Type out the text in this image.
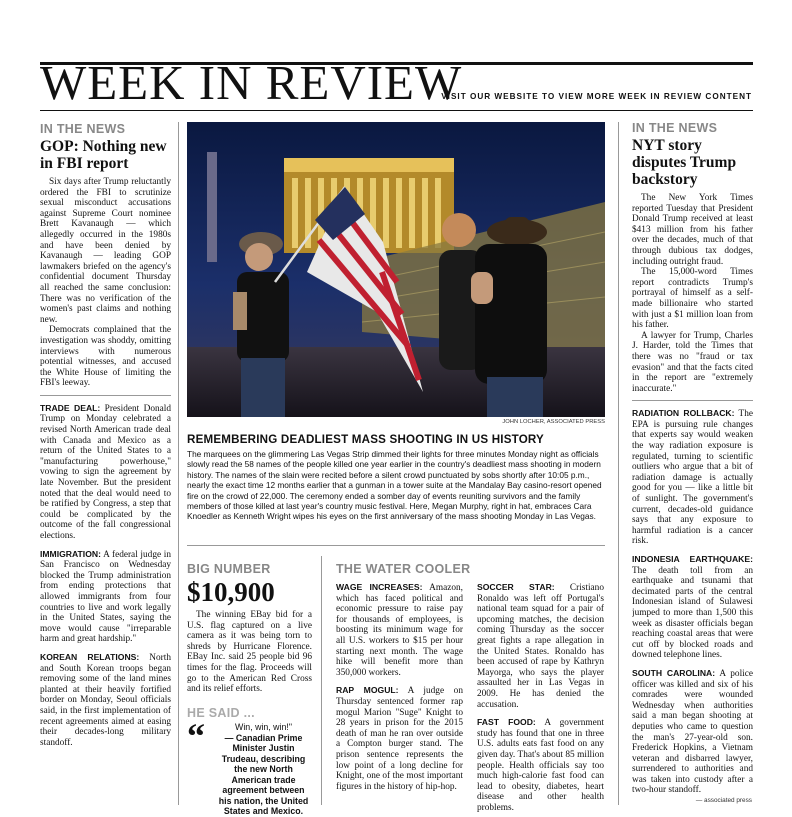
WEEK IN REVIEW
VISIT OUR WEBSITE TO VIEW MORE WEEK IN REVIEW CONTENT
IN THE NEWS
GOP: Nothing new in FBI report

Six days after Trump reluctantly ordered the FBI to scrutinize sexual misconduct accusations against Supreme Court nominee Brett Kavanaugh — which allegedly occurred in the 1980s and have been denied by Kavanaugh — leading GOP lawmakers briefed on the agency's confidential document Thursday all reached the same conclusion: There was no verification of the women's past claims and nothing new.

Democrats complained that the investigation was shoddy, omitting interviews with numerous potential witnesses, and accused the White House of limiting the FBI's leeway.

TRADE DEAL: President Donald Trump on Monday celebrated a revised North American trade deal with Canada and Mexico as a return of the United States to a "manufacturing powerhouse," vowing to sign the agreement by late November. But the president noted that the deal would need to be ratified by Congress, a step that could be complicated by the outcome of the fall congressional elections.

IMMIGRATION: A federal judge in San Francisco on Wednesday blocked the Trump administration from ending protections that allowed immigrants from four countries to live and work legally in the United States, saying the move would cause "irreparable harm and great hardship."

KOREAN RELATIONS: North and South Korean troops began removing some of the land mines planted at their heavily fortified border on Monday, Seoul officials said, in the first implementation of recent agreements aimed at easing their decades-long military standoff.

JOHN LOCHER, ASSOCIATED PRESS
REMEMBERING DEADLIEST MASS SHOOTING IN US HISTORY
The marquees on the glimmering Las Vegas Strip dimmed their lights for three minutes Monday night as officials slowly read the 58 names of the people killed one year earlier in the country's deadliest mass shooting in modern history. The names of the slain were recited before a silent crowd punctuated by sobs shortly after 10:05 p.m., nearly the exact time 12 months earlier that a gunman in a tower suite at the Mandalay Bay casino-resort opened fire on the crowd of 22,000. The ceremony ended a somber day of events reuniting survivors and the family members of those killed at last year's country music festival. Here, Megan Murphy, right in hat, embraces Cara Knoedler as Kenneth Wright wipes his eyes on the first anniversary of the mass shooting Monday in Las Vegas.
BIG NUMBER
$10,900

The winning EBay bid for a U.S. flag captured on a live camera as it was being torn to shreds by Hurricane Florence. EBay Inc. said 25 people bid 96 times for the flag. Proceeds will go to the American Red Cross and its relief efforts.

HE SAID ...
“	Win, win, win!"
— Canadian Prime Minister Justin Trudeau, describing the new North American trade agreement between his nation, the United States and Mexico.
THE WATER COOLER

WAGE INCREASES: Amazon, which has faced political and economic pressure to raise pay for thousands of employees, is boosting its minimum wage for all U.S. workers to $15 per hour starting next month. The wage hike will benefit more than 350,000 workers.

RAP MOGUL: A judge on Thursday sentenced former rap mogul Marion "Suge" Knight to 28 years in prison for the 2015 death of man he ran over outside a Compton burger stand. The prison sentence represents the low point of a long decline for Knight, one of the most important figures in the history of hip-hop.

SOCCER STAR: Cristiano Ronaldo was left off Portugal's national team squad for a pair of upcoming matches, the decision coming Thursday as the soccer great fights a rape allegation in the United States. Ronaldo has been accused of rape by Kathryn Mayorga, who says the player assaulted her in Las Vegas in 2009. He has denied the accusation.

FAST FOOD: A government study has found that one in three U.S. adults eats fast food on any given day. That's about 85 million people. Health officials say too much high-calorie fast food can lead to obesity, diabetes, heart disease and other health problems.

IN THE NEWS
NYT story disputes Trump backstory

The New York Times reported Tuesday that President Donald Trump received at least $413 million from his father over the decades, much of that through dubious tax dodges, including outright fraud.

The 15,000-word Times report contradicts Trump's portrayal of himself as a self-made billionaire who started with just a $1 million loan from his father.

A lawyer for Trump, Charles J. Harder, told the Times that there was no "fraud or tax evasion" and that the facts cited in the report are "extremely inaccurate."

RADIATION ROLLBACK: The EPA is pursuing rule changes that experts say would weaken the way radiation exposure is regulated, turning to scientific outliers who argue that a bit of radiation damage is actually good for you — like a little bit of sunlight. The government's current, decades-old guidance says that any exposure to harmful radiation is a cancer risk.

INDONESIA EARTHQUAKE: The death toll from an earthquake and tsunami that decimated parts of the central Indonesian island of Sulawesi jumped to more than 1,500 this week as disaster officials began reaching coastal areas that were cut off by blocked roads and downed telephone lines.

SOUTH CAROLINA: A police officer was killed and six of his comrades were wounded Wednesday when authorities said a man began shooting at deputies who came to question the man's 27-year-old son. Frederick Hopkins, a Vietnam veteran and disbarred lawyer, surrendered to authorities and was taken into custody after a two-hour standoff.

— associated press
